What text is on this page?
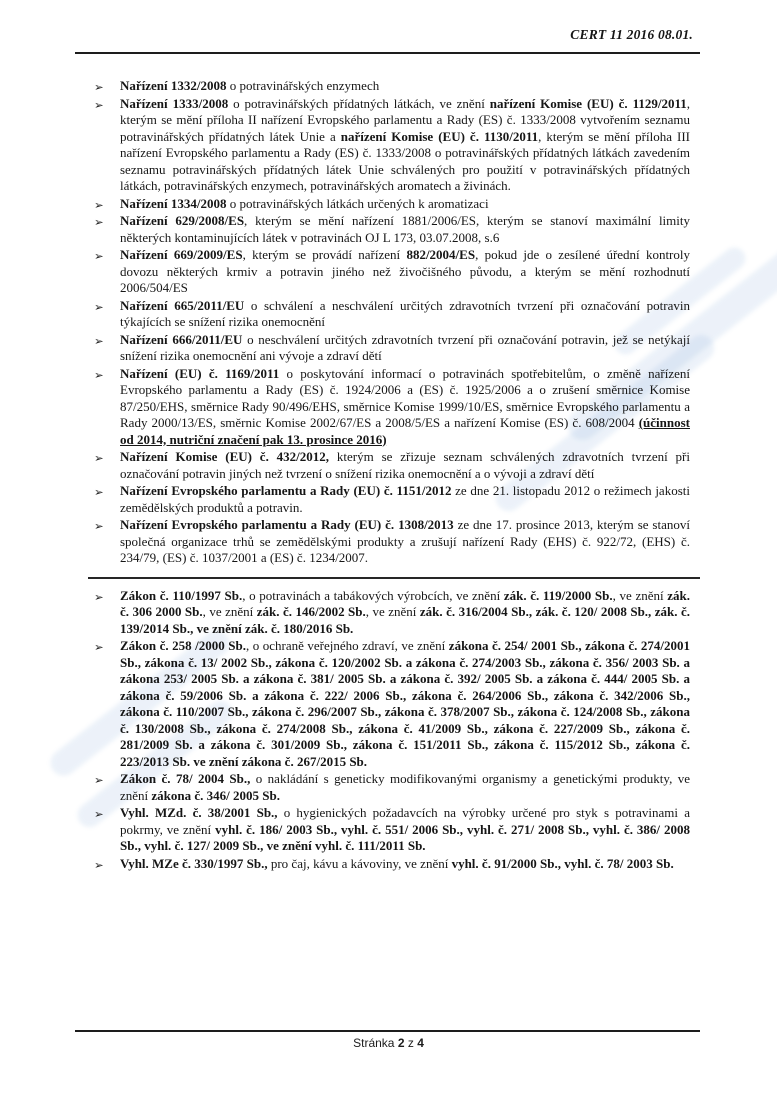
CERT 11 2016 08.01.
➢ Nařízení 1332/2008 o potravinářských enzymech
➢ Nařízení 1333/2008 o potravinářských přídatných látkách, ve znění nařízení Komise (EU) č. 1129/2011, kterým se mění příloha II nařízení Evropského parlamentu a Rady (ES) č. 1333/2008 vytvořením seznamu potravinářských přídatných látek Unie a nařízení Komise (EU) č. 1130/2011, kterým se mění příloha III nařízení Evropského parlamentu a Rady (ES) č. 1333/2008 o potravinářských přídatných látkách zavedením seznamu potravinářských přídatných látek Unie schválených pro použití v potravinářských přídatných látkách, potravinářských enzymech, potravinářských aromatech a živinách.
➢ Nařízení 1334/2008 o potravinářských látkách určených k aromatizaci
➢ Nařízení 629/2008/ES, kterým se mění nařízení 1881/2006/ES, kterým se stanoví maximální limity některých kontaminujících látek v potravinách OJ L 173, 03.07.2008, s.6
➢ Nařízení 669/2009/ES, kterým se provádí nařízení 882/2004/ES, pokud jde o zesílené úřední kontroly dovozu některých krmiv a potravin jiného než živočišného původu, a kterým se mění rozhodnutí 2006/504/ES
➢ Nařízení 665/2011/EU o schválení a neschválení určitých zdravotních tvrzení při označování potravin týkajících se snížení rizika onemocnění
➢ Nařízení 666/2011/EU o neschválení určitých zdravotních tvrzení při označování potravin, jež se netýkají snížení rizika onemocnění ani vývoje a zdraví dětí
➢ Nařízení (EU) č. 1169/2011 o poskytování informací o potravinách spotřebitelům, o změně nařízení Evropského parlamentu a Rady (ES) č. 1924/2006 a (ES) č. 1925/2006 a o zrušení směrnice Komise 87/250/EHS, směrnice Rady 90/496/EHS, směrnice Komise 1999/10/ES, směrnice Evropského parlamentu a Rady 2000/13/ES, směrnic Komise 2002/67/ES a 2008/5/ES a nařízení Komise (ES) č. 608/2004 (účinnost od 2014, nutriční značení pak 13. prosince 2016)
➢ Nařízení Komise (EU) č. 432/2012, kterým se zřizuje seznam schválených zdravotních tvrzení při označování potravin jiných než tvrzení o snížení rizika onemocnění a o vývoji a zdraví dětí
➢ Nařízení Evropského parlamentu a Rady (EU) č. 1151/2012 ze dne 21. listopadu 2012 o režimech jakosti zemědělských produktů a potravin.
➢ Nařízení Evropského parlamentu a Rady (EU) č. 1308/2013 ze dne 17. prosince 2013, kterým se stanoví společná organizace trhů se zemědělskými produkty a zrušují nařízení Rady (EHS) č. 922/72, (EHS) č. 234/79, (ES) č. 1037/2001 a (ES) č. 1234/2007.
➢ Zákon č. 110/1997 Sb., o potravinách a tabákových výrobcích, ve znění zák. č. 119/2000 Sb., ve znění zák. č. 306 2000 Sb., ve znění zák. č. 146/2002 Sb., ve znění zák. č. 316/2004 Sb., zák. č. 120/ 2008 Sb., zák. č. 139/2014 Sb., ve znění zák. č. 180/2016 Sb.
➢ Zákon č. 258 /2000 Sb., o ochraně veřejného zdraví, ve znění zákona č. 254/ 2001 Sb., zákona č. 274/2001 Sb., zákona č. 13/ 2002 Sb., zákona č. 120/2002 Sb. a zákona č. 274/2003 Sb., zákona č. 356/ 2003 Sb. a zákona 253/ 2005 Sb. a zákona č. 381/ 2005 Sb. a zákona č. 392/ 2005 Sb. a zákona č. 444/ 2005 Sb. a zákona č. 59/2006 Sb. a zákona č. 222/ 2006 Sb., zákona č. 264/2006 Sb., zákona č. 342/2006 Sb., zákona č. 110/2007 Sb., zákona č. 296/2007 Sb., zákona č. 378/2007 Sb., zákona č. 124/2008 Sb., zákona č. 130/2008 Sb., zákona č. 274/2008 Sb., zákona č. 41/2009 Sb., zákona č. 227/2009 Sb., zákona č. 281/2009 Sb. a zákona č. 301/2009 Sb., zákona č. 151/2011 Sb., zákona č. 115/2012 Sb., zákona č. 223/2013 Sb. ve znění zákona č. 267/2015 Sb.
➢ Zákon č. 78/ 2004 Sb., o nakládání s geneticky modifikovanými organismy a genetickými produkty, ve znění zákona č. 346/ 2005 Sb.
➢ Vyhl. MZd. č. 38/2001 Sb., o hygienických požadavcích na výrobky určené pro styk s potravinami a pokrmy, ve znění vyhl. č. 186/ 2003 Sb., vyhl. č. 551/ 2006 Sb., vyhl. č. 271/ 2008 Sb., vyhl. č. 386/ 2008 Sb., vyhl. č. 127/ 2009 Sb., ve znění vyhl. č. 111/2011 Sb.
➢ Vyhl. MZe č. 330/1997 Sb., pro čaj, kávu a kávoviny, ve znění vyhl. č. 91/2000 Sb., vyhl. č. 78/ 2003 Sb.
Stránka 2 z 4
